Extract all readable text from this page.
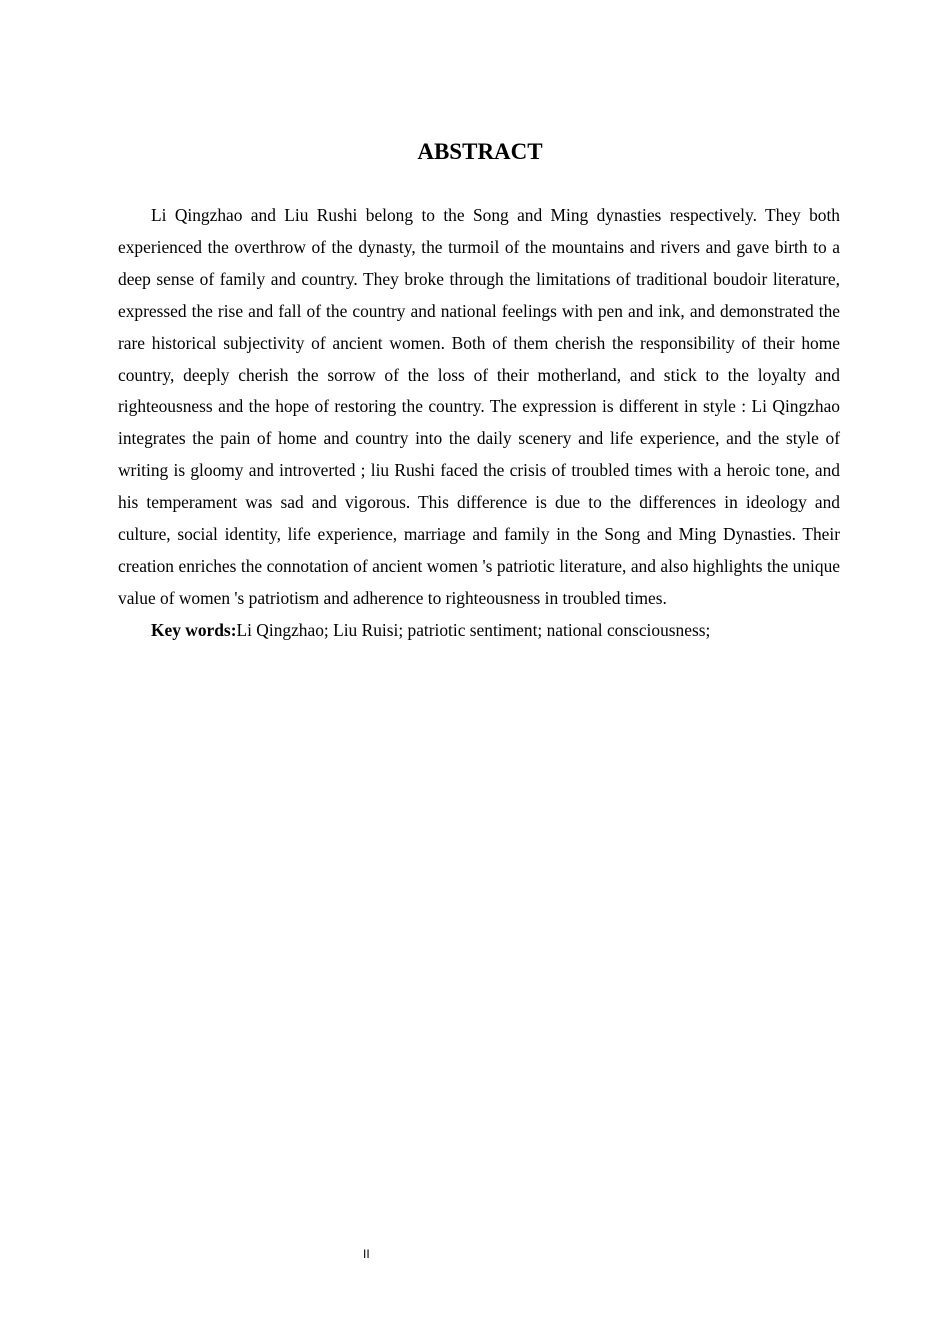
ABSTRACT

Li Qingzhao and Liu Rushi belong to the Song and Ming dynasties respectively. They both experienced the overthrow of the dynasty, the turmoil of the mountains and rivers and gave birth to a deep sense of family and country. They broke through the limitations of traditional boudoir literature, expressed the rise and fall of the country and national feelings with pen and ink, and demonstrated the rare historical subjectivity of ancient women. Both of them cherish the responsibility of their home country, deeply cherish the sorrow of the loss of their motherland, and stick to the loyalty and righteousness and the hope of restoring the country. The expression is different in style : Li Qingzhao integrates the pain of home and country into the daily scenery and life experience, and the style of writing is gloomy and introverted ; liu Rushi faced the crisis of troubled times with a heroic tone, and his temperament was sad and vigorous. This difference is due to the differences in ideology and culture, social identity, life experience, marriage and family in the Song and Ming Dynasties. Their creation enriches the connotation of ancient women 's patriotic literature, and also highlights the unique value of women 's patriotism and adherence to righteousness in troubled times.

Key words:Li Qingzhao; Liu Ruisi; patriotic sentiment; national consciousness;

II
